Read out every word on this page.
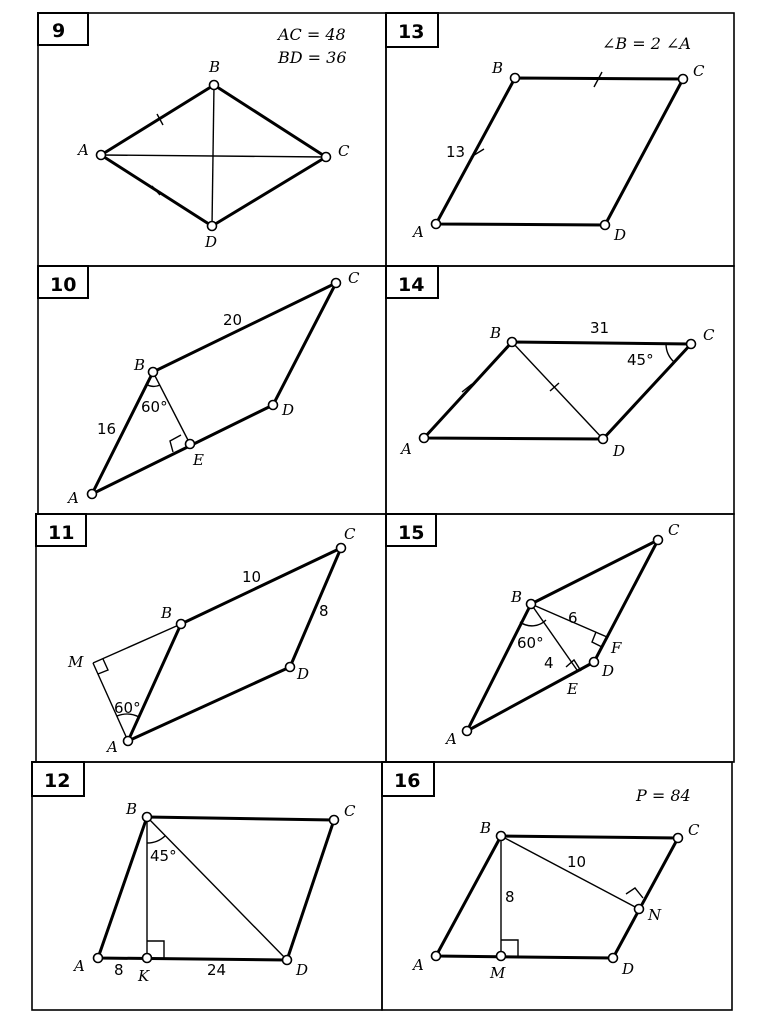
9	AC = 48
BD = 36
A
B
C
D
13
∠B = 2 ∠A
A
B	C
D
13
10
A
B
C
D
E
20
16
60°
14
A
B	C
D
31
45°
11
A
B
C
D
M
10
8
60°
15
A
B
C
D
E
F
6
4
60°
12
A
B	C
D
K
8	24
45°
16
P = 84
A
B	C
D
M
N
10
8
